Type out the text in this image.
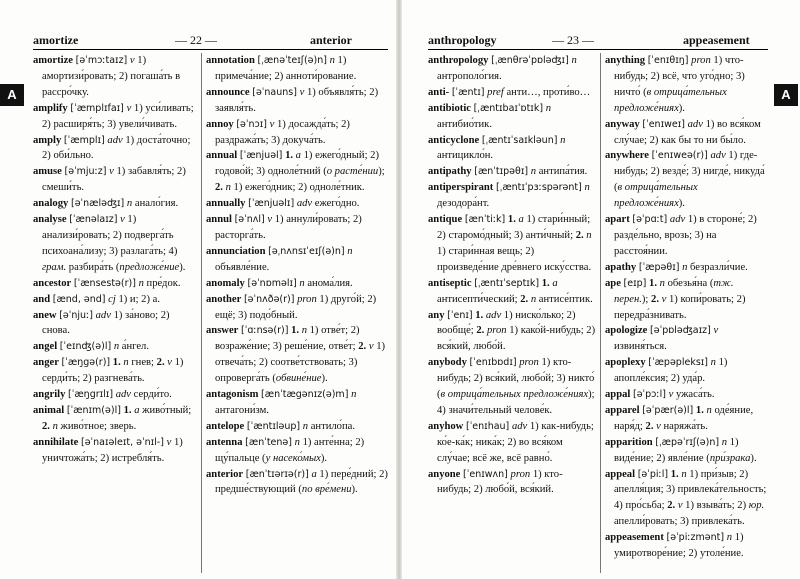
amortize	— 22 —	anterior
A

amortize [əˈmɔːtaɪz] v 1) амортизи́ровать; 2) погаша́ть в рассро́чку.

amplify [ˈæmplɪfaɪ] v 1) уси́ливать; 2) расширя́ть; 3) увели́чивать.

amply [ˈæmplɪ] adv 1) доста́точно; 2) оби́льно.

amuse [əˈmjuːz] v 1) забавля́ть; 2) смеши́ть.

analogy [əˈnæləʤɪ] n анало́гия.

analyse [ˈænəlaɪz] v 1) анализи́ровать; 2) подверга́ть психоана́лизу; 3) разлага́ть; 4) грам. разбира́ть (предложе́ние).

ancestor [ˈænsestə(r)] n пре́док.

and [ænd, ənd] cj 1) и; 2) а.

anew [əˈnjuː] adv 1) за́ново; 2) снова.

angel [ˈeɪnʤ(ə)l] n а́нгел.

anger [ˈæŋgə(r)] 1. n гнев; 2. v 1) серди́ть; 2) разгнева́ть.

angrily [ˈæŋgrɪlɪ] adv серди́то.

animal [ˈænɪm(ə)l] 1. a живо́тный; 2. n живо́тное; зверь.

annihilate [əˈnaɪəleɪt, əˈnɪl-] v 1) уничтожа́ть; 2) истребля́ть.

annotation [ˌænəˈteɪʃ(ə)n] n 1) примеча́ние; 2) анноти́рование.

announce [əˈnauns] v 1) объявля́ть; 2) заявля́ть.

annoy [əˈnɔɪ] v 1) досажда́ть; 2) раздража́ть; 3) докуча́ть.

annual [ˈænjuəl] 1. a 1) ежего́дный; 2) годово́й; 3) одноле́тний (о расте́нии); 2. n 1) ежего́дник; 2) одноле́тник.

annually [ˈænjuəlɪ] adv ежего́дно.

annul [əˈnʌl] v 1) аннули́ровать; 2) расторга́ть.

annunciation [əˌnʌnsɪˈeɪʃ(ə)n] n объявле́ние.

anomaly [əˈnɒməlɪ] n анома́лия.

another [əˈnʌðə(r)] pron 1) друго́й; 2) ещё; 3) подо́бный.

answer [ˈɑːnsə(r)] 1. n 1) отве́т; 2) возраже́ние; 3) реше́ние, отве́т; 2. v 1) отвеча́ть; 2) соотве́тствовать; 3) опроверга́ть (обвине́ние).

antagonism [ænˈtægənɪz(ə)m] n антагони́зм.

antelope [ˈæntɪləup] n антило́па.

antenna [ænˈtenə] n 1) анте́нна; 2) щу́пальце (у насеко́мых).

anterior [ænˈtɪərɪə(r)] a 1) пере́дний; 2) предше́ствующий (по вре́мени).

anthropology	— 23 —	appeasement
A

anthropology [ˌænθrəˈpɒləʤɪ] n антрополо́гия.

anti- [ˈæntɪ] pref анти…, проти́во…

antibiotic [ˌæntɪbaɪˈɒtɪk] n антибио́тик.

anticyclone [ˌæntɪˈsaɪkləun] n антицикло́н.

antipathy [ænˈtɪpəθɪ] n антипа́тия.

antiperspirant [ˌæntɪˈpɜːspərənt] n дезодора́нт.

antique [ænˈtiːk] 1. a 1) стари́нный; 2) старомо́дный; 3) анти́чный; 2. n 1) стари́нная вещь; 2) произведе́ние дре́внего иску́сства.

antiseptic [ˌæntɪˈseptɪk] 1. a антисепти́ческий; 2. n антисе́птик.

any [ˈenɪ] 1. adv 1) ниско́лько; 2) вообще́; 2. pron 1) како́й-нибудь; 2) вся́кий, любо́й.

anybody [ˈenɪbɒdɪ] pron 1) кто-нибудь; 2) вся́кий, любо́й; 3) никто́ (в отрица́тельных предложе́ниях); 4) значи́тельный челове́к.

anyhow [ˈenɪhau] adv 1) как-нибудь; ко́е-ка́к; ника́к; 2) во вся́ком слу́чае; всё же, всё равно́.

anyone [ˈenɪwʌn] pron 1) кто-нибудь; 2) любо́й, вся́кий.

anything [ˈenɪθɪŋ] pron 1) что-нибудь; 2) всё, что уго́дно; 3) ничто́ (в отрица́тельных предложе́ниях).

anyway [ˈenɪweɪ] adv 1) во вся́ком слу́чае; 2) как бы то ни бы́ло.

anywhere [ˈenɪweə(r)] adv 1) где-нибудь; 2) везде́; 3) нигде́, никуда́ (в отрица́тельных предложе́ниях).

apart [əˈpɑːt] adv 1) в стороне́; 2) разде́льно, врозь; 3) на расстоя́нии.

apathy [ˈæpəθɪ] n безразли́чие.

ape [eɪp] 1. n обезья́на (тж. перен.); 2. v 1) копи́ровать; 2) передра́знивать.

apologize [əˈpɒləʤaɪz] v извиня́ться.

apoplexy [ˈæpəpleksɪ] n 1) апопле́ксия; 2) уда́р.

appal [əˈpɔːl] v ужаса́ть.

apparel [əˈpær(ə)l] 1. n оде́яние, наря́д; 2. v наряжа́ть.

apparition [ˌæpəˈrɪʃ(ə)n] n 1) виде́ние; 2) явле́ние (при́зрака).

appeal [əˈpiːl] 1. n 1) при́зыв; 2) апелля́ция; 3) привлека́тельность; 4) про́сьба; 2. v 1) взыва́ть; 2) юр. апелли́ровать; 3) привлека́ть.

appeasement [əˈpiːzmənt] n 1) умиротворе́ние; 2) утоле́ние.
